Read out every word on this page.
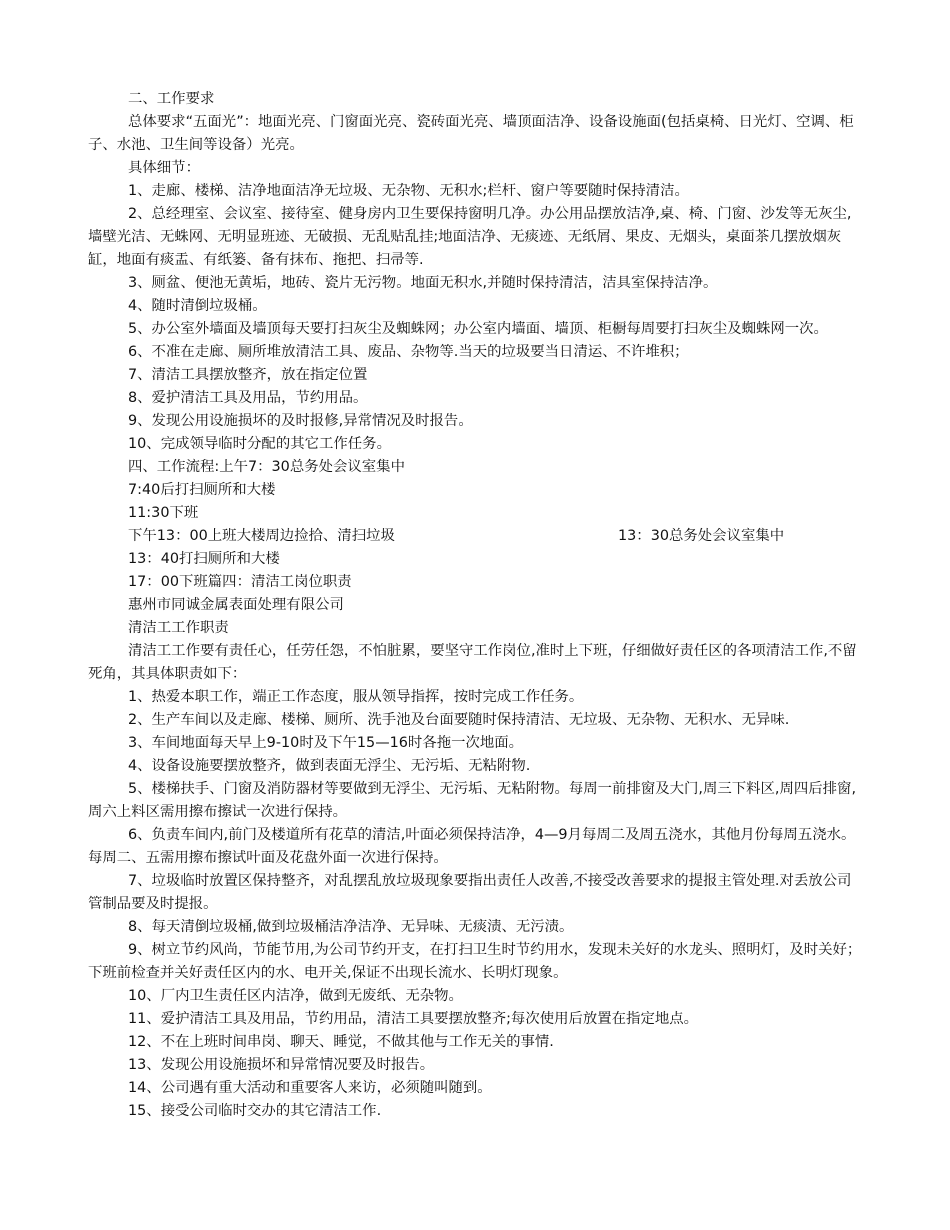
二、工作要求

总体要求“五面光”：地面光亮、门窗面光亮、瓷砖面光亮、墙顶面洁净、设备设施面(包括桌椅、日光灯、空调、柜子、水池、卫生间等设备）光亮。

具体细节：

1、走廊、楼梯、洁净地面洁净无垃圾、无杂物、无积水;栏杆、窗户等要随时保持清洁。

2、总经理室、会议室、接待室、健身房内卫生要保持窗明几净。办公用品摆放洁净,桌、椅、门窗、沙发等无灰尘,墙壁光洁、无蛛网、无明显班迹、无破损、无乱贴乱挂;地面洁净、无痰迹、无纸屑、果皮、无烟头，桌面茶几摆放烟灰缸，地面有痰盂、有纸篓、备有抹布、拖把、扫帚等.

3、厕盆、便池无黄垢，地砖、瓷片无污物。地面无积水,并随时保持清洁，洁具室保持洁净。

4、随时清倒垃圾桶。

5、办公室外墙面及墙顶每天要打扫灰尘及蜘蛛网；办公室内墙面、墙顶、柜橱每周要打扫灰尘及蜘蛛网一次。

6、不准在走廊、厕所堆放清洁工具、废品、杂物等.当天的垃圾要当日清运、不许堆积；

7、清洁工具摆放整齐，放在指定位置

8、爱护清洁工具及用品，节约用品。

9、发现公用设施损坏的及时报修,异常情况及时报告。

10、完成领导临时分配的其它工作任务。

四、工作流程:上午7：30总务处会议室集中

7:40后打扫厕所和大楼

11:30下班

下午13：00上班大楼周边捡拾、清扫垃圾	13：30总务处会议室集中

13：40打扫厕所和大楼

17：00下班篇四：清洁工岗位职责

惠州市同诚金属表面处理有限公司

清洁工工作职责

清洁工工作要有责任心，任劳任怨，不怕脏累，要坚守工作岗位,准时上下班，仔细做好责任区的各项清洁工作,不留死角，其具体职责如下：

1、热爱本职工作，端正工作态度，服从领导指挥，按时完成工作任务。

2、生产车间以及走廊、楼梯、厕所、洗手池及台面要随时保持清洁、无垃圾、无杂物、无积水、无异味.

3、车间地面每天早上9-10时及下午15—16时各拖一次地面。

4、设备设施要摆放整齐，做到表面无浮尘、无污垢、无粘附物.

5、楼梯扶手、门窗及消防器材等要做到无浮尘、无污垢、无粘附物。每周一前排窗及大门,周三下料区,周四后排窗,周六上料区需用擦布擦试一次进行保持。

6、负责车间内,前门及楼道所有花草的清洁,叶面必须保持洁净，4—9月每周二及周五浇水，其他月份每周五浇水。每周二、五需用擦布擦试叶面及花盘外面一次进行保持。

7、垃圾临时放置区保持整齐，对乱摆乱放垃圾现象要指出责任人改善,不接受改善要求的提报主管处理.对丢放公司管制品要及时提报。

8、每天清倒垃圾桶,做到垃圾桶洁净洁净、无异味、无痰渍、无污渍。

9、树立节约风尚，节能节用,为公司节约开支，在打扫卫生时节约用水，发现未关好的水龙头、照明灯，及时关好；下班前检查并关好责任区内的水、电开关,保证不出现长流水、长明灯现象。

10、厂内卫生责任区内洁净，做到无废纸、无杂物。

11、爱护清洁工具及用品，节约用品，清洁工具要摆放整齐;每次使用后放置在指定地点。

12、不在上班时间串岗、聊天、睡觉，不做其他与工作无关的事情.

13、发现公用设施损坏和异常情况要及时报告。

14、公司遇有重大活动和重要客人来访，必须随叫随到。

15、接受公司临时交办的其它清洁工作.
